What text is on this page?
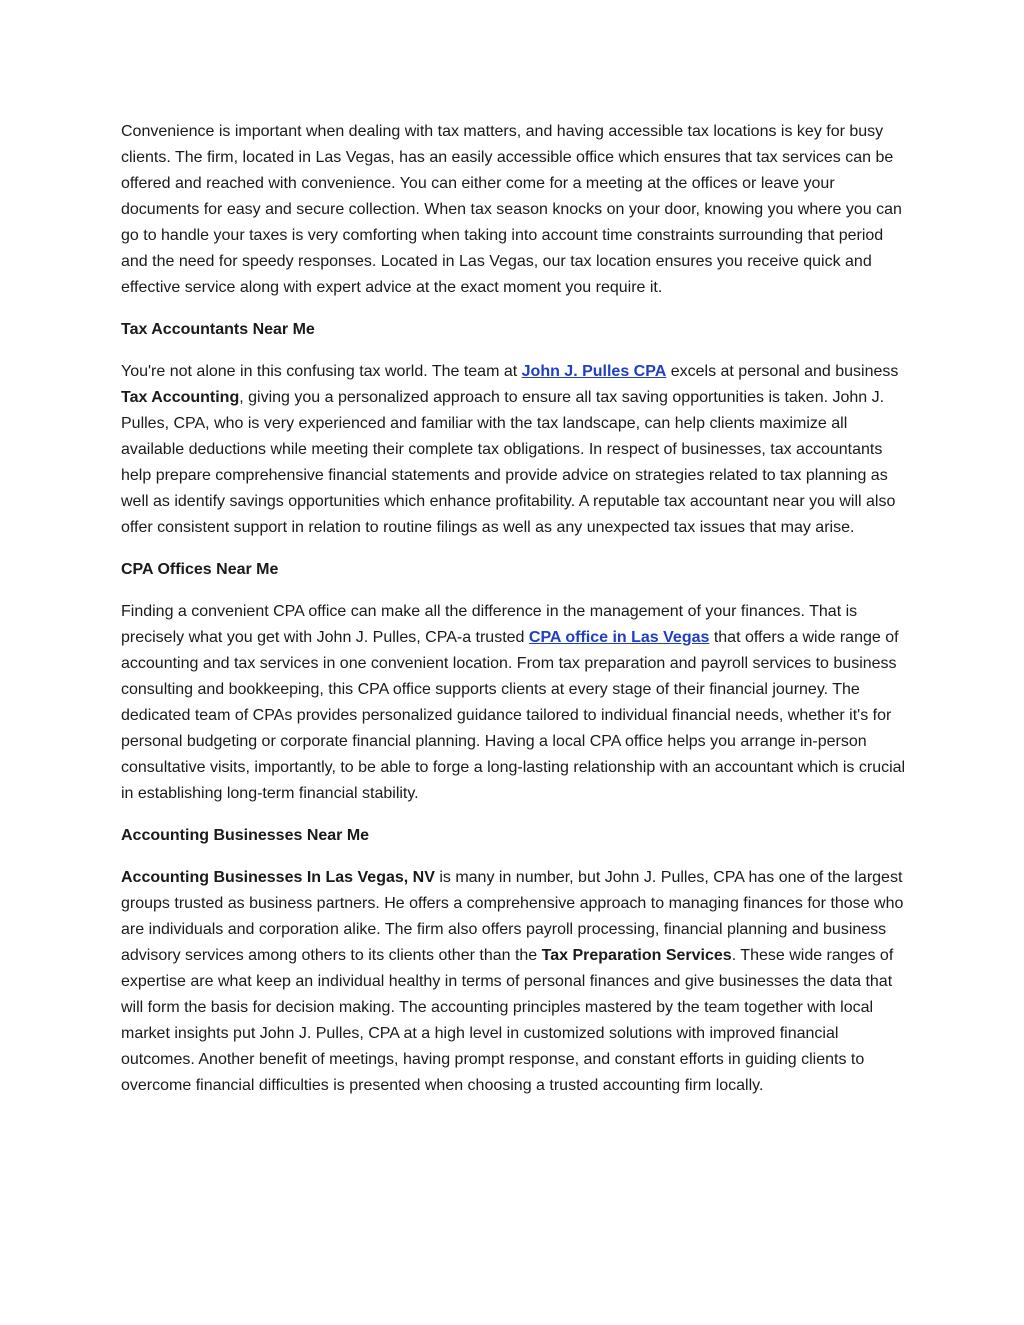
Convenience is important when dealing with tax matters, and having accessible tax locations is key for busy clients. The firm, located in Las Vegas, has an easily accessible office which ensures that tax services can be offered and reached with convenience. You can either come for a meeting at the offices or leave your documents for easy and secure collection. When tax season knocks on your door, knowing you where you can go to handle your taxes is very comforting when taking into account time constraints surrounding that period and the need for speedy responses. Located in Las Vegas, our tax location ensures you receive quick and effective service along with expert advice at the exact moment you require it.

Tax Accountants Near Me

You're not alone in this confusing tax world. The team at John J. Pulles CPA excels at personal and business Tax Accounting, giving you a personalized approach to ensure all tax saving opportunities is taken. John J. Pulles, CPA, who is very experienced and familiar with the tax landscape, can help clients maximize all available deductions while meeting their complete tax obligations. In respect of businesses, tax accountants help prepare comprehensive financial statements and provide advice on strategies related to tax planning as well as identify savings opportunities which enhance profitability. A reputable tax accountant near you will also offer consistent support in relation to routine filings as well as any unexpected tax issues that may arise.

CPA Offices Near Me

Finding a convenient CPA office can make all the difference in the management of your finances. That is precisely what you get with John J. Pulles, CPA-a trusted CPA office in Las Vegas that offers a wide range of accounting and tax services in one convenient location. From tax preparation and payroll services to business consulting and bookkeeping, this CPA office supports clients at every stage of their financial journey. The dedicated team of CPAs provides personalized guidance tailored to individual financial needs, whether it's for personal budgeting or corporate financial planning. Having a local CPA office helps you arrange in-person consultative visits, importantly, to be able to forge a long-lasting relationship with an accountant which is crucial in establishing long-term financial stability.

Accounting Businesses Near Me

Accounting Businesses In Las Vegas, NV is many in number, but John J. Pulles, CPA has one of the largest groups trusted as business partners. He offers a comprehensive approach to managing finances for those who are individuals and corporation alike. The firm also offers payroll processing, financial planning and business advisory services among others to its clients other than the Tax Preparation Services. These wide ranges of expertise are what keep an individual healthy in terms of personal finances and give businesses the data that will form the basis for decision making. The accounting principles mastered by the team together with local market insights put John J. Pulles, CPA at a high level in customized solutions with improved financial outcomes. Another benefit of meetings, having prompt response, and constant efforts in guiding clients to overcome financial difficulties is presented when choosing a trusted accounting firm locally.
